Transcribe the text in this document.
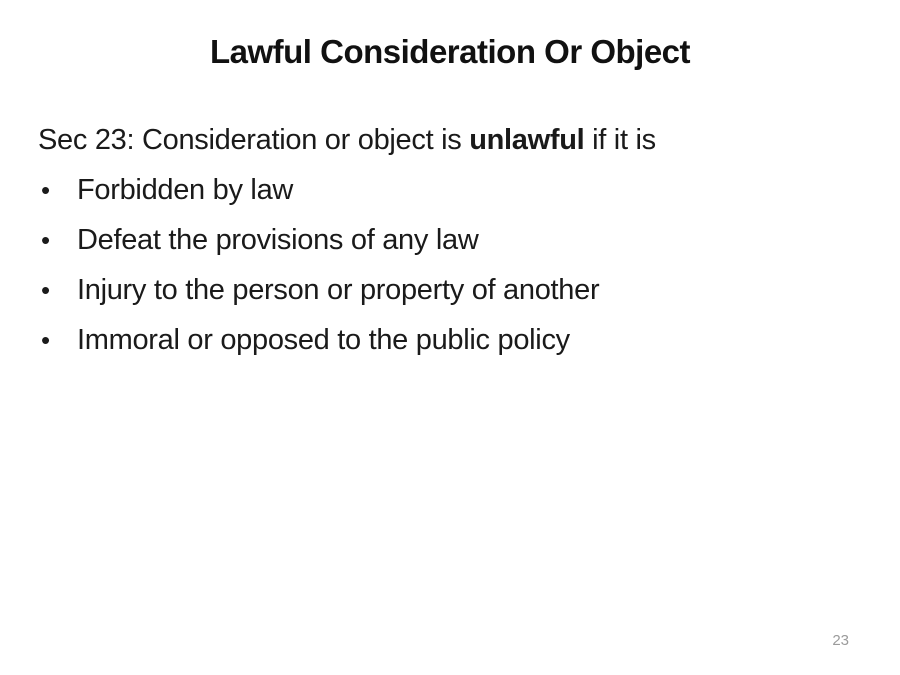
Lawful Consideration Or Object

Sec 23: Consideration or object is unlawful if it is

• Forbidden by law
• Defeat the provisions of any law
• Injury to the person or property of another
• Immoral or opposed to the public policy
23
